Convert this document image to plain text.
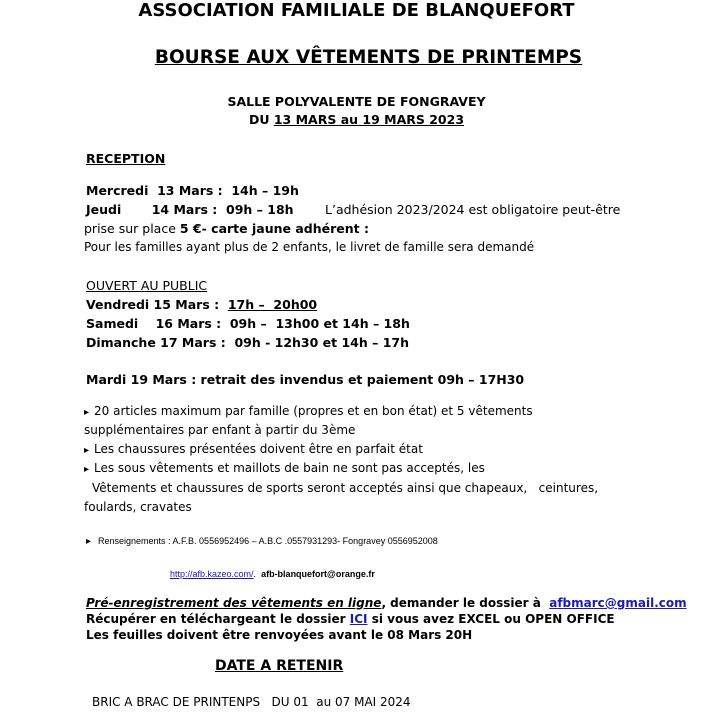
ASSOCIATION FAMILIALE DE BLANQUEFORT
BOURSE AUX VÊTEMENTS DE PRINTEMPS
SALLE POLYVALENTE DE FONGRAVEY
DU 13 MARS au 19 MARS 2023
RECEPTION
Mercredi  13 Mars :  14h – 19h
Jeudi       14 Mars :  09h – 18h	L’adhésion 2023/2024 est obligatoire peut-être
prise sur place 5 €- carte jaune adhérent :
Pour les familles ayant plus de 2 enfants, le livret de famille sera demandé
OUVERT AU PUBLIC
Vendredi 15 Mars :  17h –  20h00
Samedi    16 Mars :  09h –  13h00 et 14h – 18h
Dimanche 17 Mars :  09h - 12h30 et 14h – 17h
Mardi 19 Mars : retrait des invendus et paiement 09h – 17H30
▸ 20 articles maximum par famille (propres et en bon état) et 5 vêtements
supplémentaires par enfant à partir du 3ème
▸ Les chaussures présentées doivent être en parfait état
▸ Les sous vêtements et maillots de bain ne sont pas acceptés, les
Vêtements et chaussures de sports seront acceptés ainsi que chapeaux,   ceintures,
foulards, cravates
▸ Renseignements : A.F.B. 0556952496 – A.B.C .0557931293- Fongravey 0556952008
http://afb.kazeo.com/.  afb-blanquefort@orange.fr
Pré-enregistrement des vêtements en ligne, demander le dossier à  afbmarc@gmail.com
Récupérer en téléchargeant le dossier ICI si vous avez EXCEL ou OPEN OFFICE
Les feuilles doivent être renvoyées avant le 08 Mars 20H
DATE A RETENIR
BRIC A BRAC DE PRINTENPS   DU 01  au 07 MAI 2024
